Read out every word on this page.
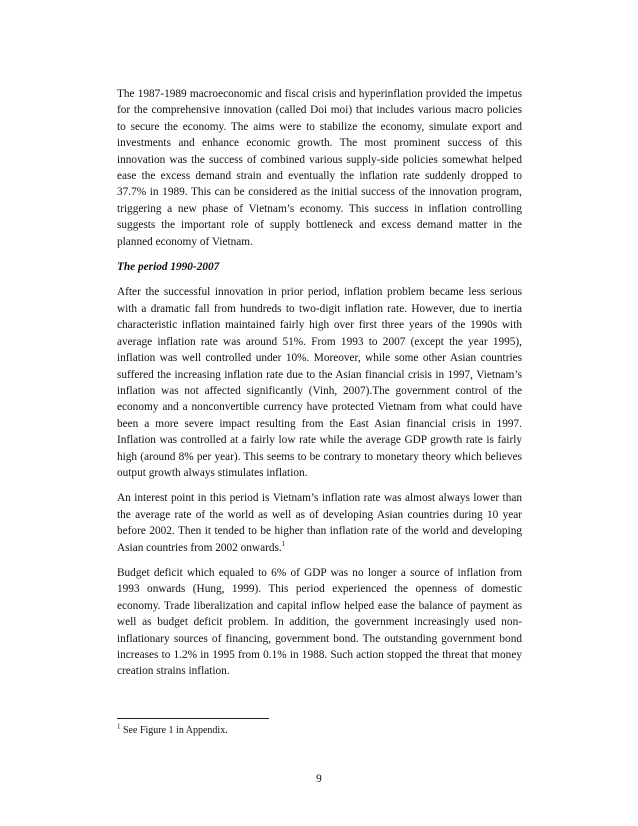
The 1987-1989 macroeconomic and fiscal crisis and hyperinflation provided the impetus for the comprehensive innovation (called Doi moi) that includes various macro policies to secure the economy. The aims were to stabilize the economy, simulate export and investments and enhance economic growth. The most prominent success of this innovation was the success of combined various supply-side policies somewhat helped ease the excess demand strain and eventually the inflation rate suddenly dropped to 37.7% in 1989. This can be considered as the initial success of the innovation program, triggering a new phase of Vietnam’s economy. This success in inflation controlling suggests the important role of supply bottleneck and excess demand matter in the planned economy of Vietnam.

The period 1990-2007

After the successful innovation in prior period, inflation problem became less serious with a dramatic fall from hundreds to two-digit inflation rate. However, due to inertia characteristic inflation maintained fairly high over first three years of the 1990s with average inflation rate was around 51%. From 1993 to 2007 (except the year 1995), inflation was well controlled under 10%. Moreover, while some other Asian countries suffered the increasing inflation rate due to the Asian financial crisis in 1997, Vietnam’s inflation was not affected significantly (Vinh, 2007).The government control of the economy and a nonconvertible currency have protected Vietnam from what could have been a more severe impact resulting from the East Asian financial crisis in 1997. Inflation was controlled at a fairly low rate while the average GDP growth rate is fairly high (around 8% per year). This seems to be contrary to monetary theory which believes output growth always stimulates inflation.

An interest point in this period is Vietnam’s inflation rate was almost always lower than the average rate of the world as well as of developing Asian countries during 10 year before 2002. Then it tended to be higher than inflation rate of the world and developing Asian countries from 2002 onwards.$^1$

Budget deficit which equaled to 6% of GDP was no longer a source of inflation from 1993 onwards (Hung, 1999). This period experienced the openness of domestic economy. Trade liberalization and capital inflow helped ease the balance of payment as well as budget deficit problem. In addition, the government increasingly used non-inflationary sources of financing, government bond. The outstanding government bond increases to 1.2% in 1995 from 0.1% in 1988. Such action stopped the threat that money creation strains inflation.

$^1$ See Figure 1 in Appendix.
9
